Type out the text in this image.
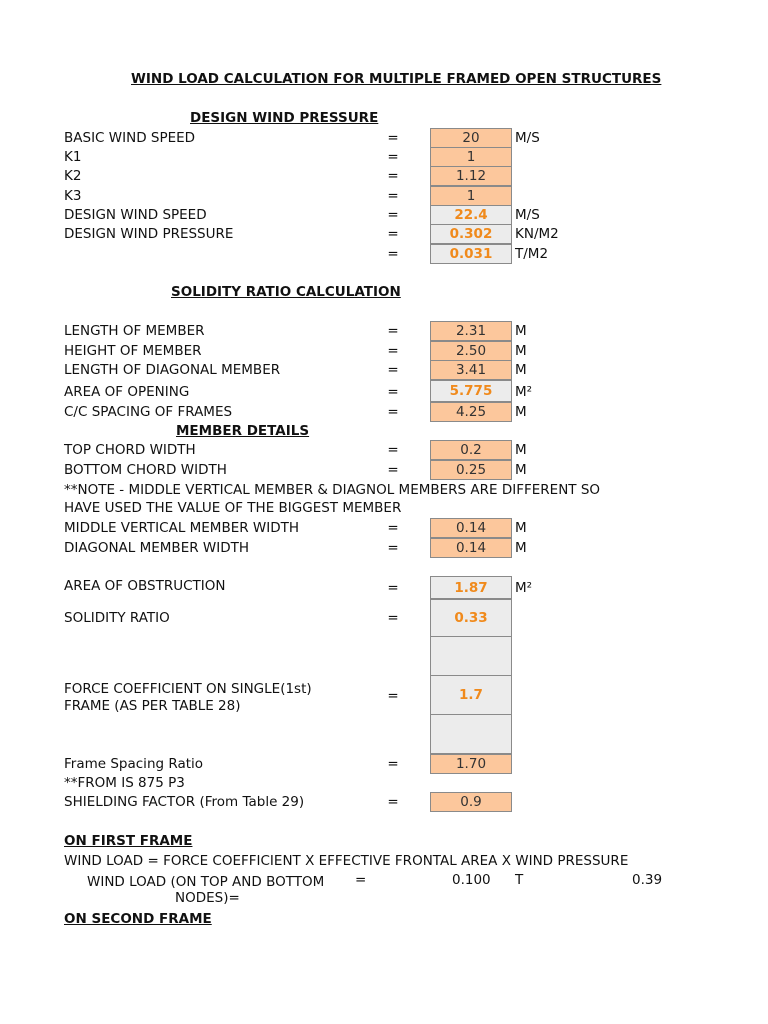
WIND LOAD CALCULATION FOR MULTIPLE FRAMED OPEN STRUCTURES
DESIGN WIND PRESSURE
BASIC WIND SPEED	=	20	M/S
K1	=	1
K2	=	1.12
K3	=	1
DESIGN WIND SPEED	=	22.4	M/S
DESIGN WIND PRESSURE	=	0.302	KN/M2
=	0.031	T/M2
SOLIDITY RATIO CALCULATION
LENGTH OF MEMBER	=	2.31	M
HEIGHT OF MEMBER	=	2.50	M
LENGTH OF DIAGONAL MEMBER	=	3.41	M
AREA OF OPENING	=	5.775	M²
C/C SPACING OF FRAMES	=	4.25	M
MEMBER DETAILS
TOP CHORD WIDTH	=	0.2	M
BOTTOM CHORD WIDTH	=	0.25	M
**NOTE - MIDDLE VERTICAL MEMBER & DIAGNOL MEMBERS ARE DIFFERENT SO
HAVE USED THE VALUE OF THE BIGGEST MEMBER
MIDDLE VERTICAL MEMBER WIDTH	=	0.14	M
DIAGONAL MEMBER WIDTH	=	0.14	M
AREA OF OBSTRUCTION	=	1.87	M²
SOLIDITY RATIO	=	0.33
FORCE COEFFICIENT ON SINGLE(1st)
FRAME (AS PER TABLE 28)
=	1.7
Frame Spacing Ratio	=	1.70
**FROM IS 875 P3
SHIELDING FACTOR (From Table 29)	=	0.9
ON FIRST FRAME
WIND LOAD = FORCE COEFFICIENT X EFFECTIVE FRONTAL AREA X WIND PRESSURE
WIND LOAD (ON TOP AND BOTTOM
NODES)=
=	0.100 T	0.39
ON SECOND FRAME
